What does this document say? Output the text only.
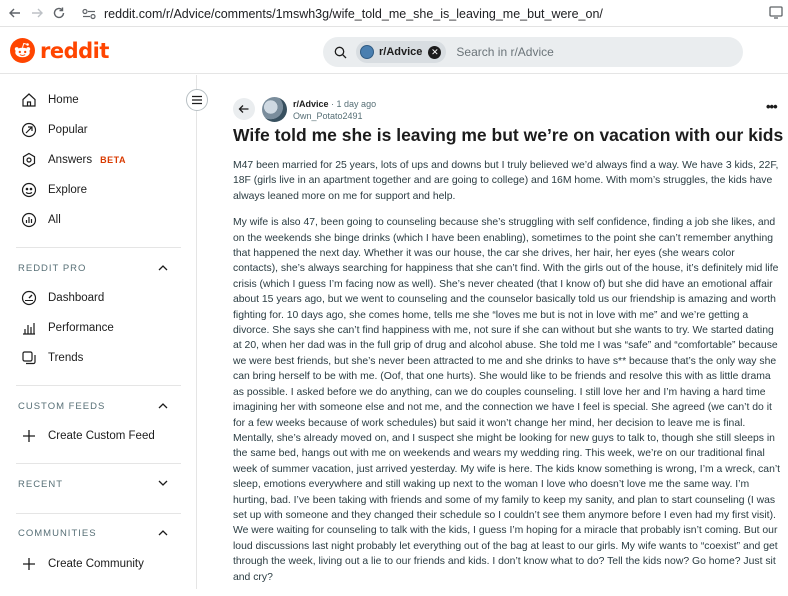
reddit.com/r/Advice/comments/1mswh3g/wife_told_me_she_is_leaving_me_but_were_on/
reddit	r/Advice ✕ Search in r/Advice
Home
Popular
Answers BETA
Explore
All
REDDIT PRO
Dashboard
Performance
Trends
CUSTOM FEEDS
Create Custom Feed
RECENT
COMMUNITIES
Create Community
r/Advice · 1 day ago
Own_Potato2491
•••
Wife told me she is leaving me but we’re on vacation with our kids

M47 been married for 25 years, lots of ups and downs but I truly believed we’d always find a way. We have 3 kids, 22F, 18F (girls live in an apartment together and are going to college) and 16M home. With mom’s struggles, the kids have always leaned more on me for support and help.

My wife is also 47, been going to counseling because she’s struggling with self confidence, finding a job she likes, and on the weekends she binge drinks (which I have been enabling), sometimes to the point she can’t remember anything that happened the next day. Whether it was our house, the car she drives, her hair, her eyes (she wears color contacts), she’s always searching for happiness that she can’t find. With the girls out of the house, it’s definitely mid life crisis (which I guess I’m facing now as well). She’s never cheated (that I know of) but she did have an emotional affair about 15 years ago, but we went to counseling and the counselor basically told us our friendship is amazing and worth fighting for. 10 days ago, she comes home, tells me she “loves me but is not in love with me” and we’re getting a divorce. She says she can’t find happiness with me, not sure if she can without but she wants to try. We started dating at 20, when her dad was in the full grip of drug and alcohol abuse. She told me I was “safe” and “comfortable” because we were best friends, but she’s never been attracted to me and she drinks to have s** because that’s the only way she can bring herself to be with me. (Oof, that one hurts). She would like to be friends and resolve this with as little drama as possible. I asked before we do anything, can we do couples counseling. I still love her and I’m having a hard time imagining her with someone else and not me, and the connection we have I feel is special. She agreed (we can’t do it for a few weeks because of work schedules) but said it won’t change her mind, her decision to leave me is final. Mentally, she’s already moved on, and I suspect she might be looking for new guys to talk to, though she still sleeps in the same bed, hangs out with me on weekends and wears my wedding ring. This week, we’re on our traditional final week of summer vacation, just arrived yesterday. My wife is here. The kids know something is wrong, I’m a wreck, can’t sleep, emotions everywhere and still waking up next to the woman I love who doesn’t love me the same way. I’m hurting, bad. I’ve been taking with friends and some of my family to keep my sanity, and plan to start counseling (I was set up with someone and they changed their schedule so I couldn’t see them anymore before I even had my first visit). We were waiting for counseling to talk with the kids, I guess I’m hoping for a miracle that probably isn’t coming. But our loud discussions last night probably let everything out of the bag at least to our girls. My wife wants to “coexist” and get through the week, living out a lie to our friends and kids. I don’t know what to do? Tell the kids now? Go home? Just sit and cry?
